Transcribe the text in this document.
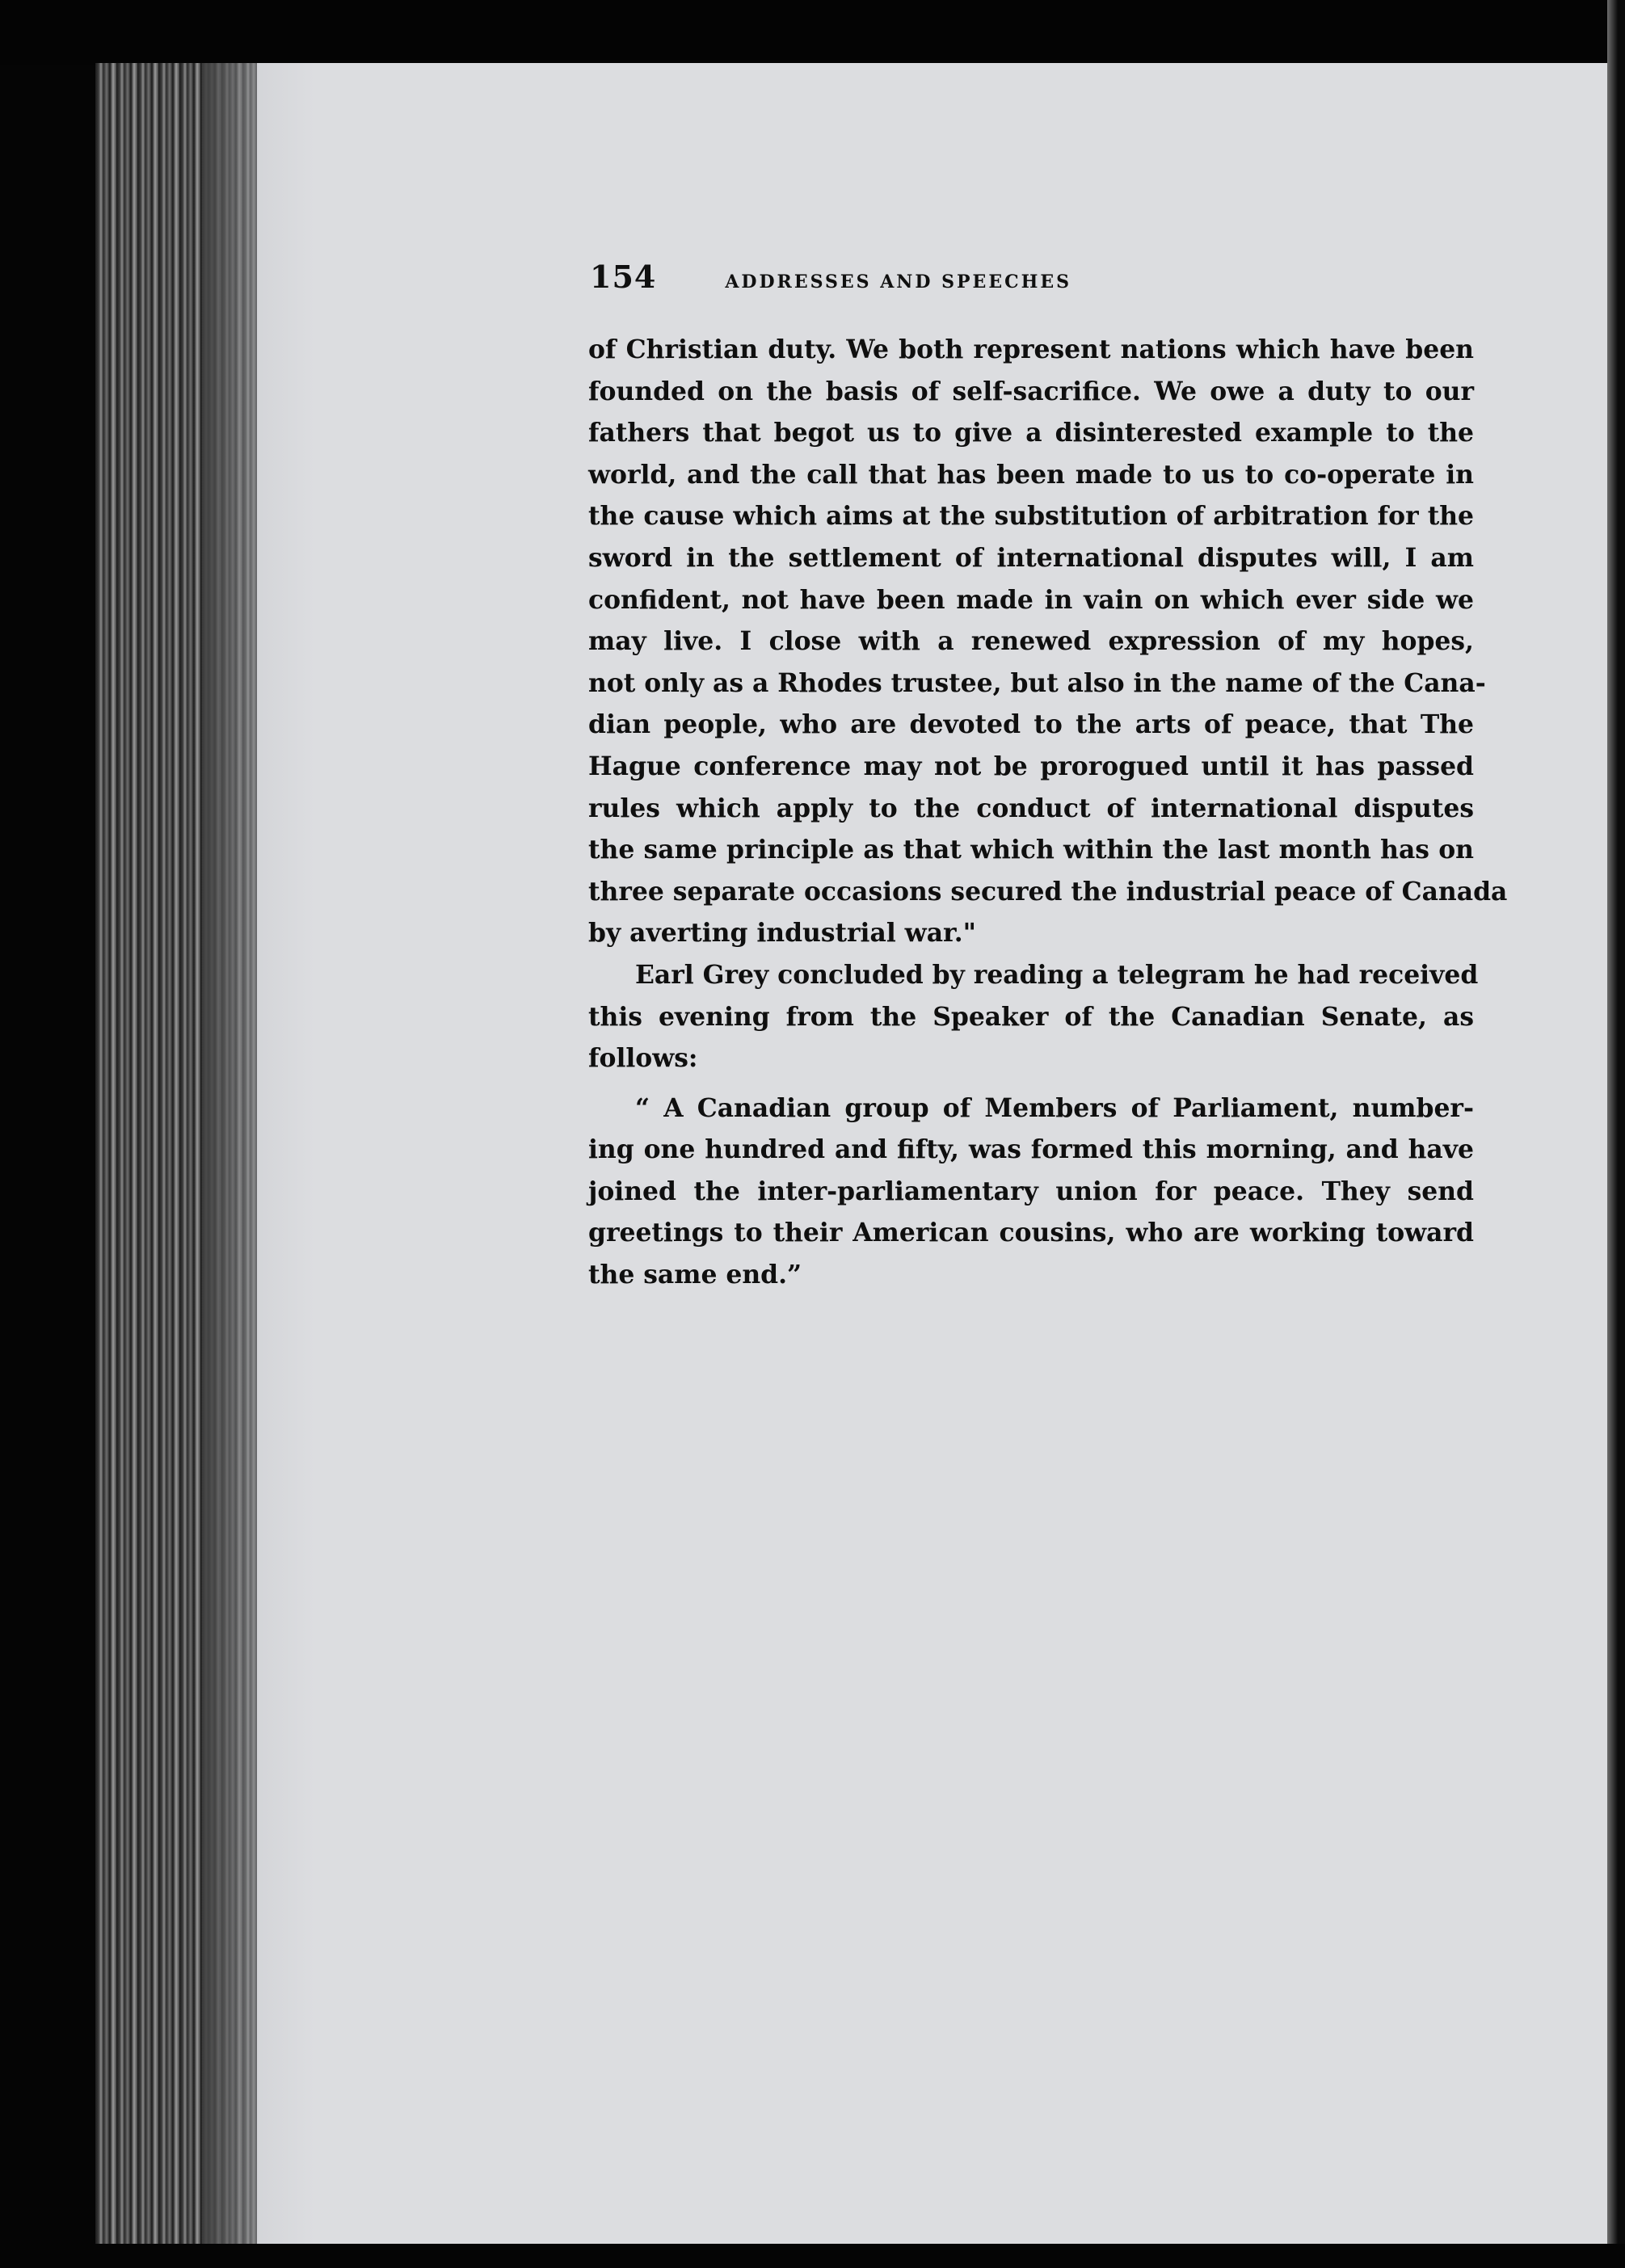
154	ADDRESSES AND SPEECHES
of Christian duty. We both represent nations which have been
founded on the basis of self-sacrifice. We owe a duty to our
fathers that begot us to give a disinterested example to the
world, and the call that has been made to us to co-operate in
the cause which aims at the substitution of arbitration for the
sword in the settlement of international disputes will, I am
confident, not have been made in vain on which ever side we
may live. I close with a renewed expression of my hopes,
not only as a Rhodes trustee, but also in the name of the Cana-
dian people, who are devoted to the arts of peace, that The
Hague conference may not be prorogued until it has passed
rules which apply to the conduct of international disputes
the same principle as that which within the last month has on
three separate occasions secured the industrial peace of Canada
by averting industrial war."
Earl Grey concluded by reading a telegram he had received
this evening from the Speaker of the Canadian Senate, as
follows:
“ A Canadian group of Members of Parliament, number-
ing one hundred and fifty, was formed this morning, and have
joined the inter-parliamentary union for peace. They send
greetings to their American cousins, who are working toward
the same end.”
